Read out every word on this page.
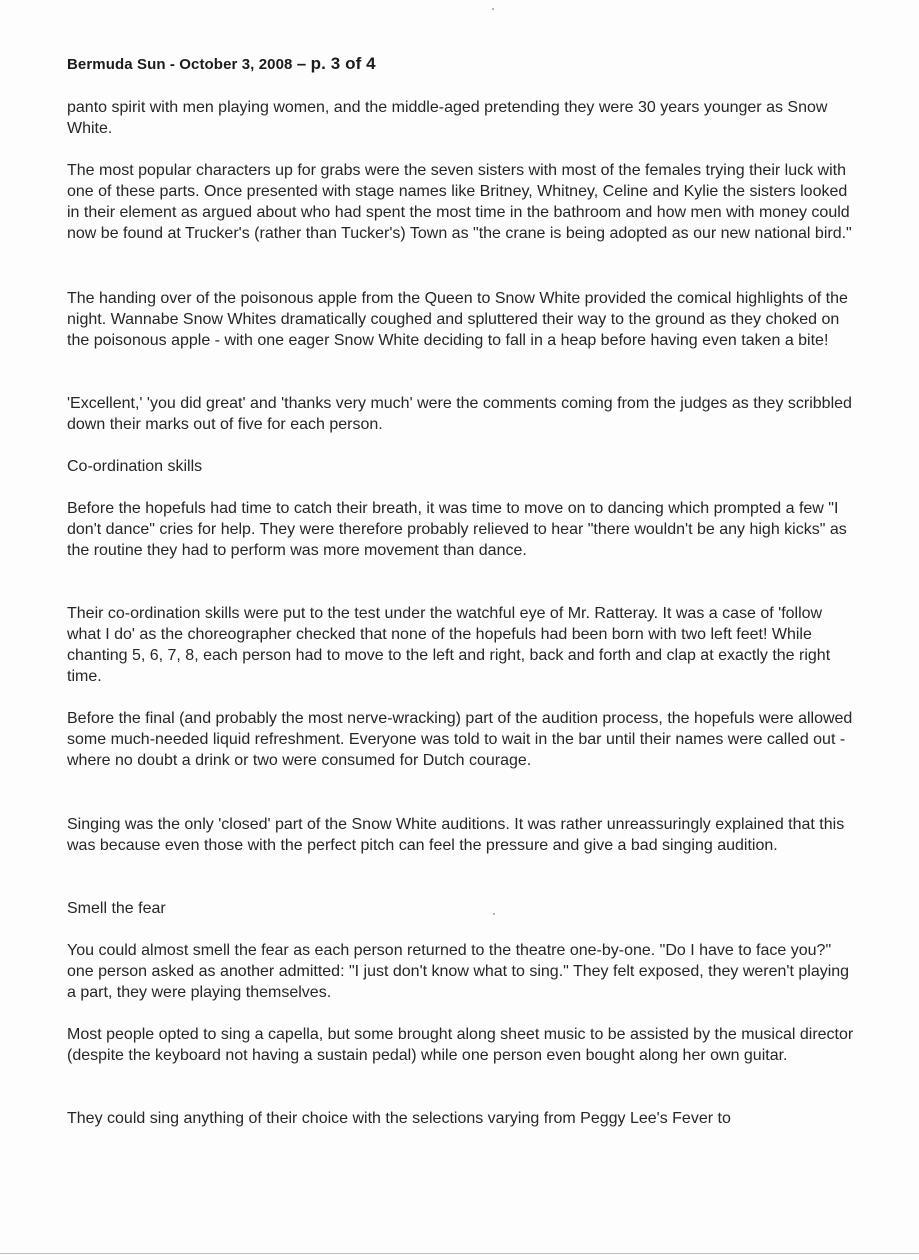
Bermuda Sun - October 3, 2008 – p. 3 of 4

panto spirit with men playing women, and the middle-aged pretending they were 30 years younger as Snow White.

The most popular characters up for grabs were the seven sisters with most of the females trying their luck with one of these parts. Once presented with stage names like Britney, Whitney, Celine and Kylie the sisters looked in their element as argued about who had spent the most time in the bathroom and how men with money could now be found at Trucker's (rather than Tucker's) Town as "the crane is being adopted as our new national bird."

The handing over of the poisonous apple from the Queen to Snow White provided the comical highlights of the night. Wannabe Snow Whites dramatically coughed and spluttered their way to the ground as they choked on the poisonous apple - with one eager Snow White deciding to fall in a heap before having even taken a bite!

'Excellent,' 'you did great' and 'thanks very much' were the comments coming from the judges as they scribbled down their marks out of five for each person.

Co-ordination skills

Before the hopefuls had time to catch their breath, it was time to move on to dancing which prompted a few "I don't dance" cries for help. They were therefore probably relieved to hear "there wouldn't be any high kicks" as the routine they had to perform was more movement than dance.

Their co-ordination skills were put to the test under the watchful eye of Mr. Ratteray. It was a case of 'follow what I do' as the choreographer checked that none of the hopefuls had been born with two left feet! While chanting 5, 6, 7, 8, each person had to move to the left and right, back and forth and clap at exactly the right time.

Before the final (and probably the most nerve-wracking) part of the audition process, the hopefuls were allowed some much-needed liquid refreshment. Everyone was told to wait in the bar until their names were called out - where no doubt a drink or two were consumed for Dutch courage.

Singing was the only 'closed' part of the Snow White auditions. It was rather unreassuringly explained that this was because even those with the perfect pitch can feel the pressure and give a bad singing audition.

Smell the fear

You could almost smell the fear as each person returned to the theatre one-by-one. "Do I have to face you?" one person asked as another admitted: "I just don't know what to sing." They felt exposed, they weren't playing a part, they were playing themselves.

Most people opted to sing a capella, but some brought along sheet music to be assisted by the musical director (despite the keyboard not having a sustain pedal) while one person even bought along her own guitar.

They could sing anything of their choice with the selections varying from Peggy Lee's Fever to
